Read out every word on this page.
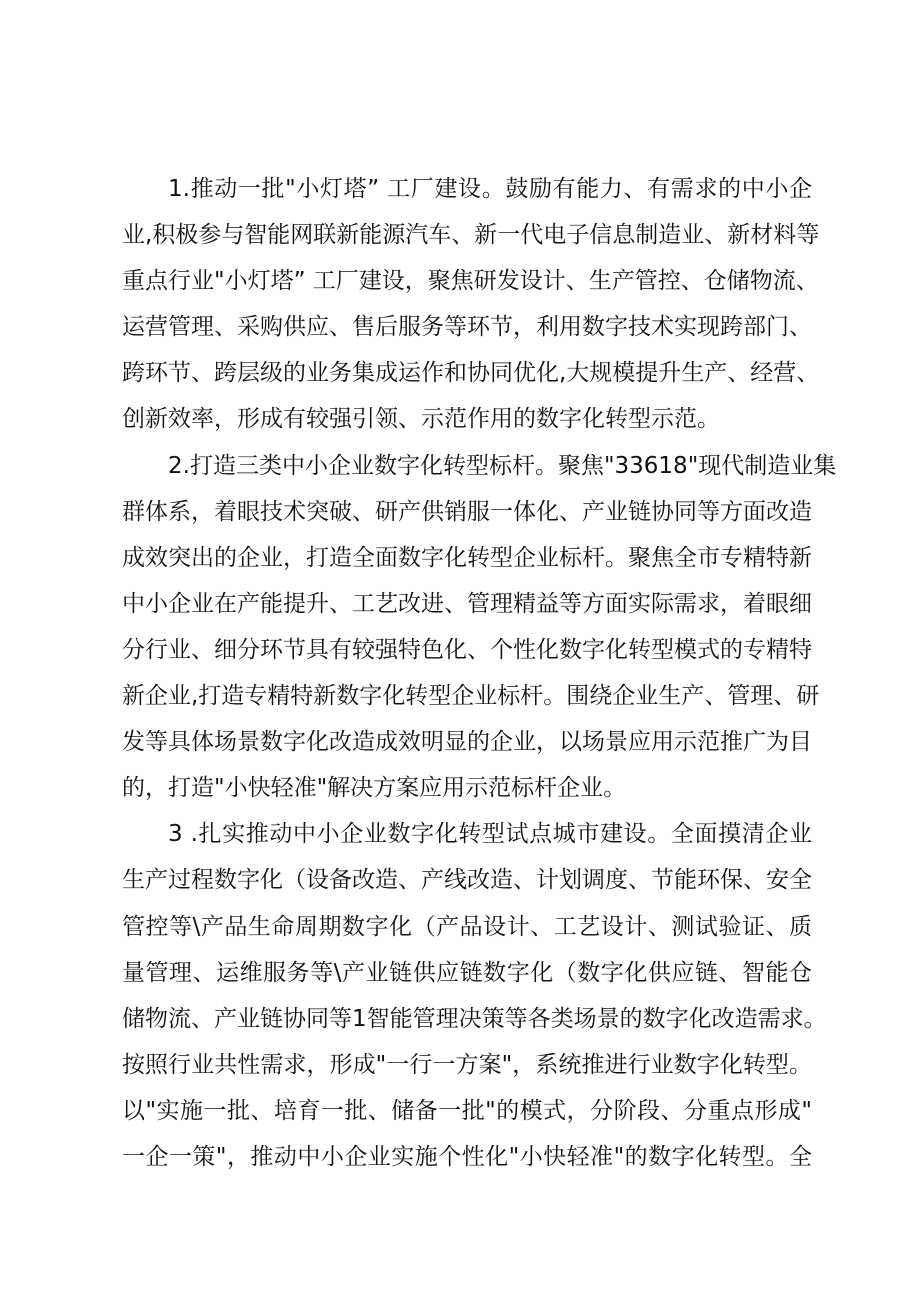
1.推动一批"小灯塔” 工厂建设。鼓励有能力、有需求的中小企
业,积极参与智能网联新能源汽车、新一代电子信息制造业、新材料等
重点行业"小灯塔” 工厂建设，聚焦研发设计、生产管控、仓储物流、
运营管理、采购供应、售后服务等环节，利用数字技术实现跨部门、
跨环节、跨层级的业务集成运作和协同优化,大规模提升生产、经营、
创新效率，形成有较强引领、示范作用的数字化转型示范。
2.打造三类中小企业数字化转型标杆。聚焦"33618"现代制造业集
群体系，着眼技术突破、研产供销服一体化、产业链协同等方面改造
成效突出的企业，打造全面数字化转型企业标杆。聚焦全市专精特新
中小企业在产能提升、工艺改进、管理精益等方面实际需求，着眼细
分行业、细分环节具有较强特色化、个性化数字化转型模式的专精特
新企业,打造专精特新数字化转型企业标杆。围绕企业生产、管理、研
发等具体场景数字化改造成效明显的企业，以场景应用示范推广为目
的，打造"小快轻准"解决方案应用示范标杆企业。
3 .扎实推动中小企业数字化转型试点城市建设。全面摸清企业
生产过程数字化（设备改造、产线改造、计划调度、节能环保、安全
管控等\产品生命周期数字化（产品设计、工艺设计、测试验证、质
量管理、运维服务等\产业链供应链数字化（数字化供应链、智能仓
储物流、产业链协同等1智能管理决策等各类场景的数字化改造需求。
按照行业共性需求，形成"一行一方案"，系统推进行业数字化转型。
以"实施一批、培育一批、储备一批"的模式，分阶段、分重点形成"
一企一策"，推动中小企业实施个性化"小快轻准"的数字化转型。全
